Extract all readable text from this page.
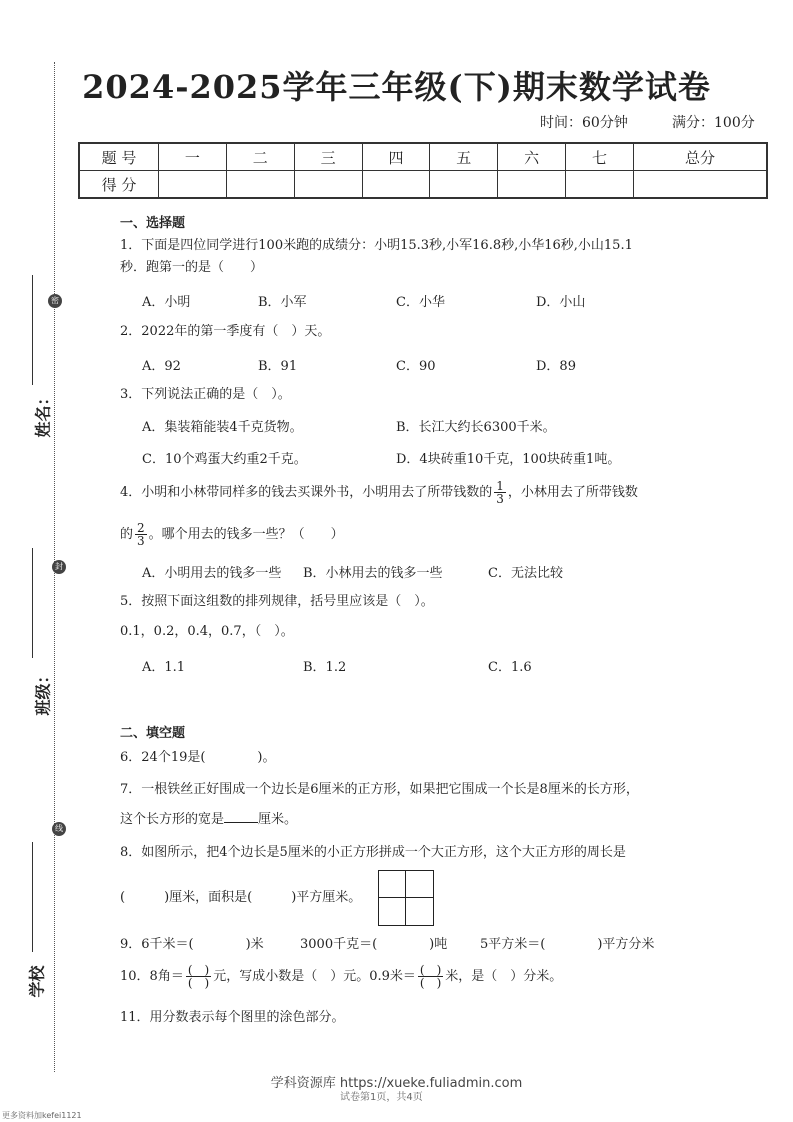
姓名：
密
班级：
封
学校
线
2024-2025学年三年级(下)期末数学试卷
时间：60分钟	满分：100分
题 号	一	二	三	四	五	六	七	总分
得 分								
一、选择题
1．下面是四位同学进行100米跑的成绩分：小明15.3秒,小军16.8秒,小华16秒,小山15.1
秒．跑第一的是（　　）
A．小明	B．小军	C．小华	D．小山
2．2022年的第一季度有（　）天。
A．92	B．91	C．90	D．89
3．下列说法正确的是（　）。
A．集装箱能装4千克货物。	B．长江大约长6300千米。
C．10个鸡蛋大约重2千克。	D．4块砖重10千克，100块砖重1吨。
4．小明和小林带同样多的钱去买课外书，小明用去了所带钱数的 $\frac{1}{3}$ ，小林用去了所带钱数
的 $\frac{2}{3}$ 。哪个用去的钱多一些？（　　）
A．小明用去的钱多一些 B．小林用去的钱多一些	C．无法比较
5．按照下面这组数的排列规律，括号里应该是（　）。
0.1，0.2，0.4，0.7，（　）。
A．1.1	B．1.2	C．1.6
二、填空题
6．24个19是(　　　　)。
7．一根铁丝正好围成一个边长是6厘米的正方形，如果把它围成一个长是8厘米的长方形，
这个长方形的宽是	厘米。
8．如图所示，把4个边长是5厘米的小正方形拼成一个大正方形，这个大正方形的周长是
(　　　)厘米，面积是(　　　)平方厘米。
9．6千米＝(　　　　)米	3000千克＝(　　　　)吨	5平方米＝(　　　　)平方分米
10．8角＝ $\frac{( )}{( )}$ 元，写成小数是（　）元。0.9米＝ $\frac{( )}{( )}$ 米，是（　）分米。
11．用分数表示每个图里的涂色部分。
学科资源库 https://xueke.fuliadmin.com
试卷第1页，共4页
更多资料加kefei1121
